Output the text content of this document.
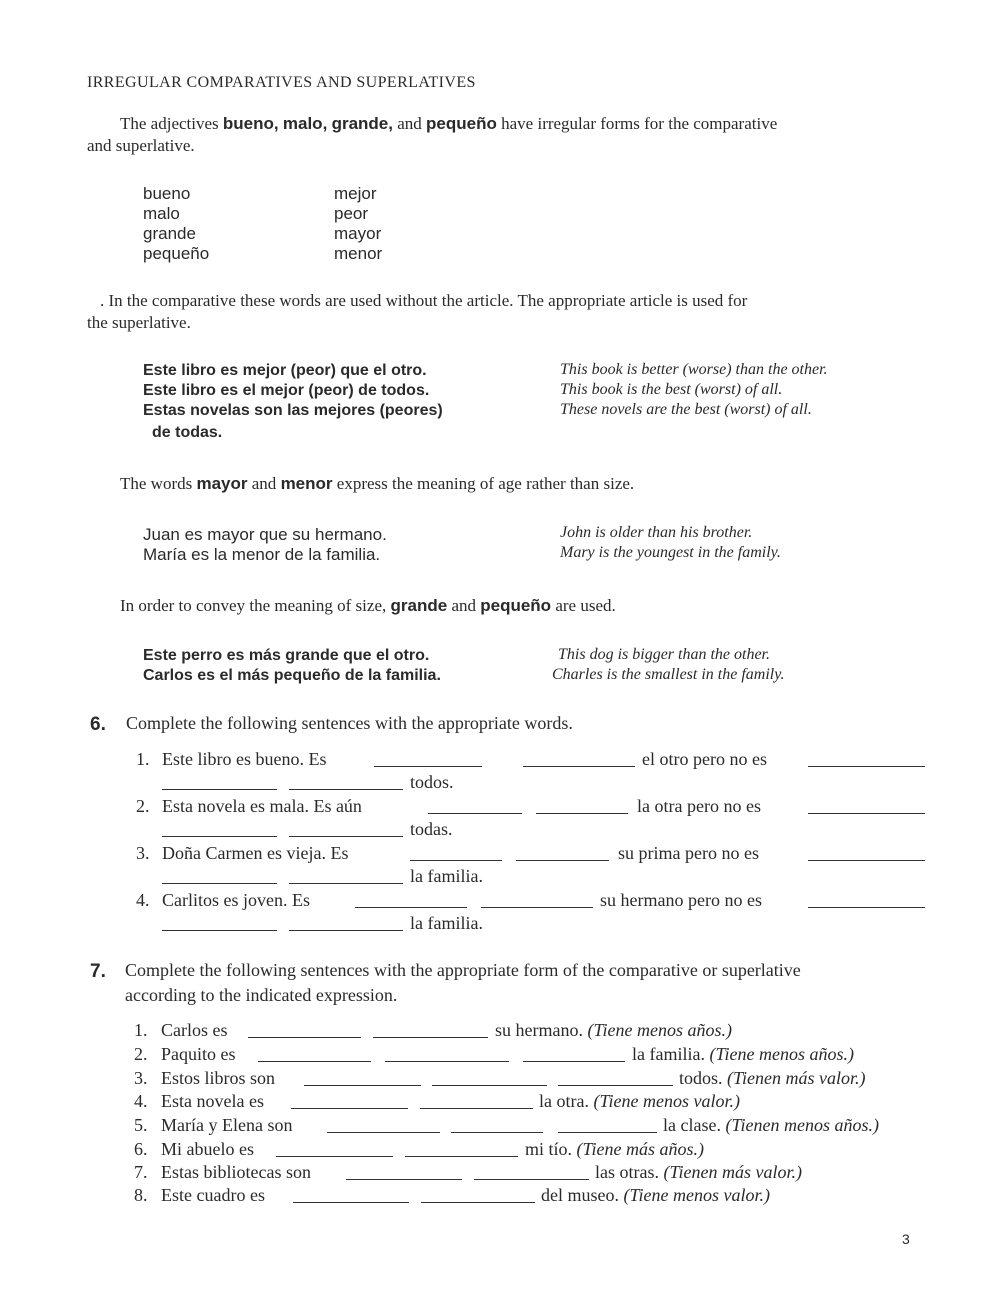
IRREGULAR COMPARATIVES AND SUPERLATIVES
The adjectives bueno, malo, grande, and pequeño have irregular forms for the comparative
and superlative.
bueno	mejor
malo	peor
grande	mayor
pequeño	menor
. In the comparative these words are used without the article. The appropriate article is used for
the superlative.
Este libro es mejor (peor) que el otro.	This book is better (worse) than the other.
Este libro es el mejor (peor) de todos.	This book is the best (worst) of all.
Estas novelas son las mejores (peores)	These novels are the best (worst) of all.
de todas.
The words mayor and menor express the meaning of age rather than size.
Juan es mayor que su hermano.	John is older than his brother.
María es la menor de la familia.	Mary is the youngest in the family.
In order to convey the meaning of size, grande and pequeño are used.
Este perro es más grande que el otro.	This dog is bigger than the other.
Carlos es el más pequeño de la familia.	Charles is the smallest in the family.
6. Complete the following sentences with the appropriate words.
1. Este libro es bueno. Es	el otro pero no es
todos.
2. Esta novela es mala. Es aún	la otra pero no es
todas.
3. Doña Carmen es vieja. Es	su prima pero no es
la familia.
4. Carlitos es joven. Es	su hermano pero no es
la familia.
7. Complete the following sentences with the appropriate form of the comparative or superlative
according to the indicated expression.
1. Carlos es	su hermano. (Tiene menos años.)
2. Paquito es	la familia. (Tiene menos años.)
3. Estos libros son	todos. (Tienen más valor.)
4. Esta novela es	la otra. (Tiene menos valor.)
5. María y Elena son	la clase. (Tienen menos años.)
6. Mi abuelo es	mi tío. (Tiene más años.)
7. Estas bibliotecas son	las otras. (Tienen más valor.)
8. Este cuadro es	del museo. (Tiene menos valor.)
3
